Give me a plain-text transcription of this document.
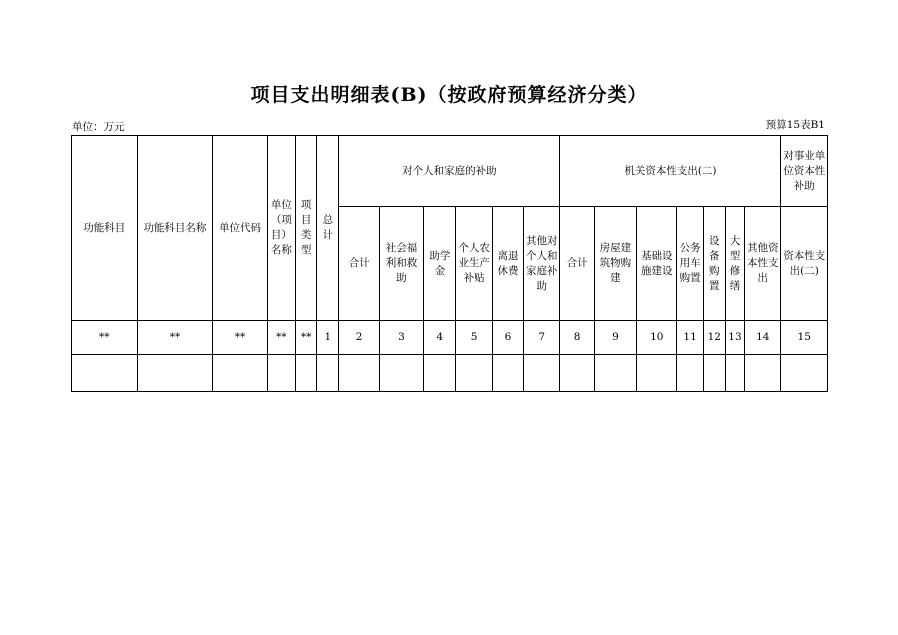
项目支出明细表(B)（按政府预算经济分类）
单位：万元	预算15表B1
功能科目	功能科目名称	单位代码	单位（项目）名称	项目类型	总计	对个人和家庭的补助						机关资本性支出(二)							对事业单位资本性补助
						合计	社会福利和救助	助学金	个人农业生产补贴	离退休费	其他对个人和家庭补助	合计	房屋建筑物购建	基础设施建设	公务用车购置	设备购置	大型修缮	其他资本性支出	资本性支出(二)
**	**	**	**	**	1	2	3	4	5	6	7	8	9	10	11	12	13	14	15
